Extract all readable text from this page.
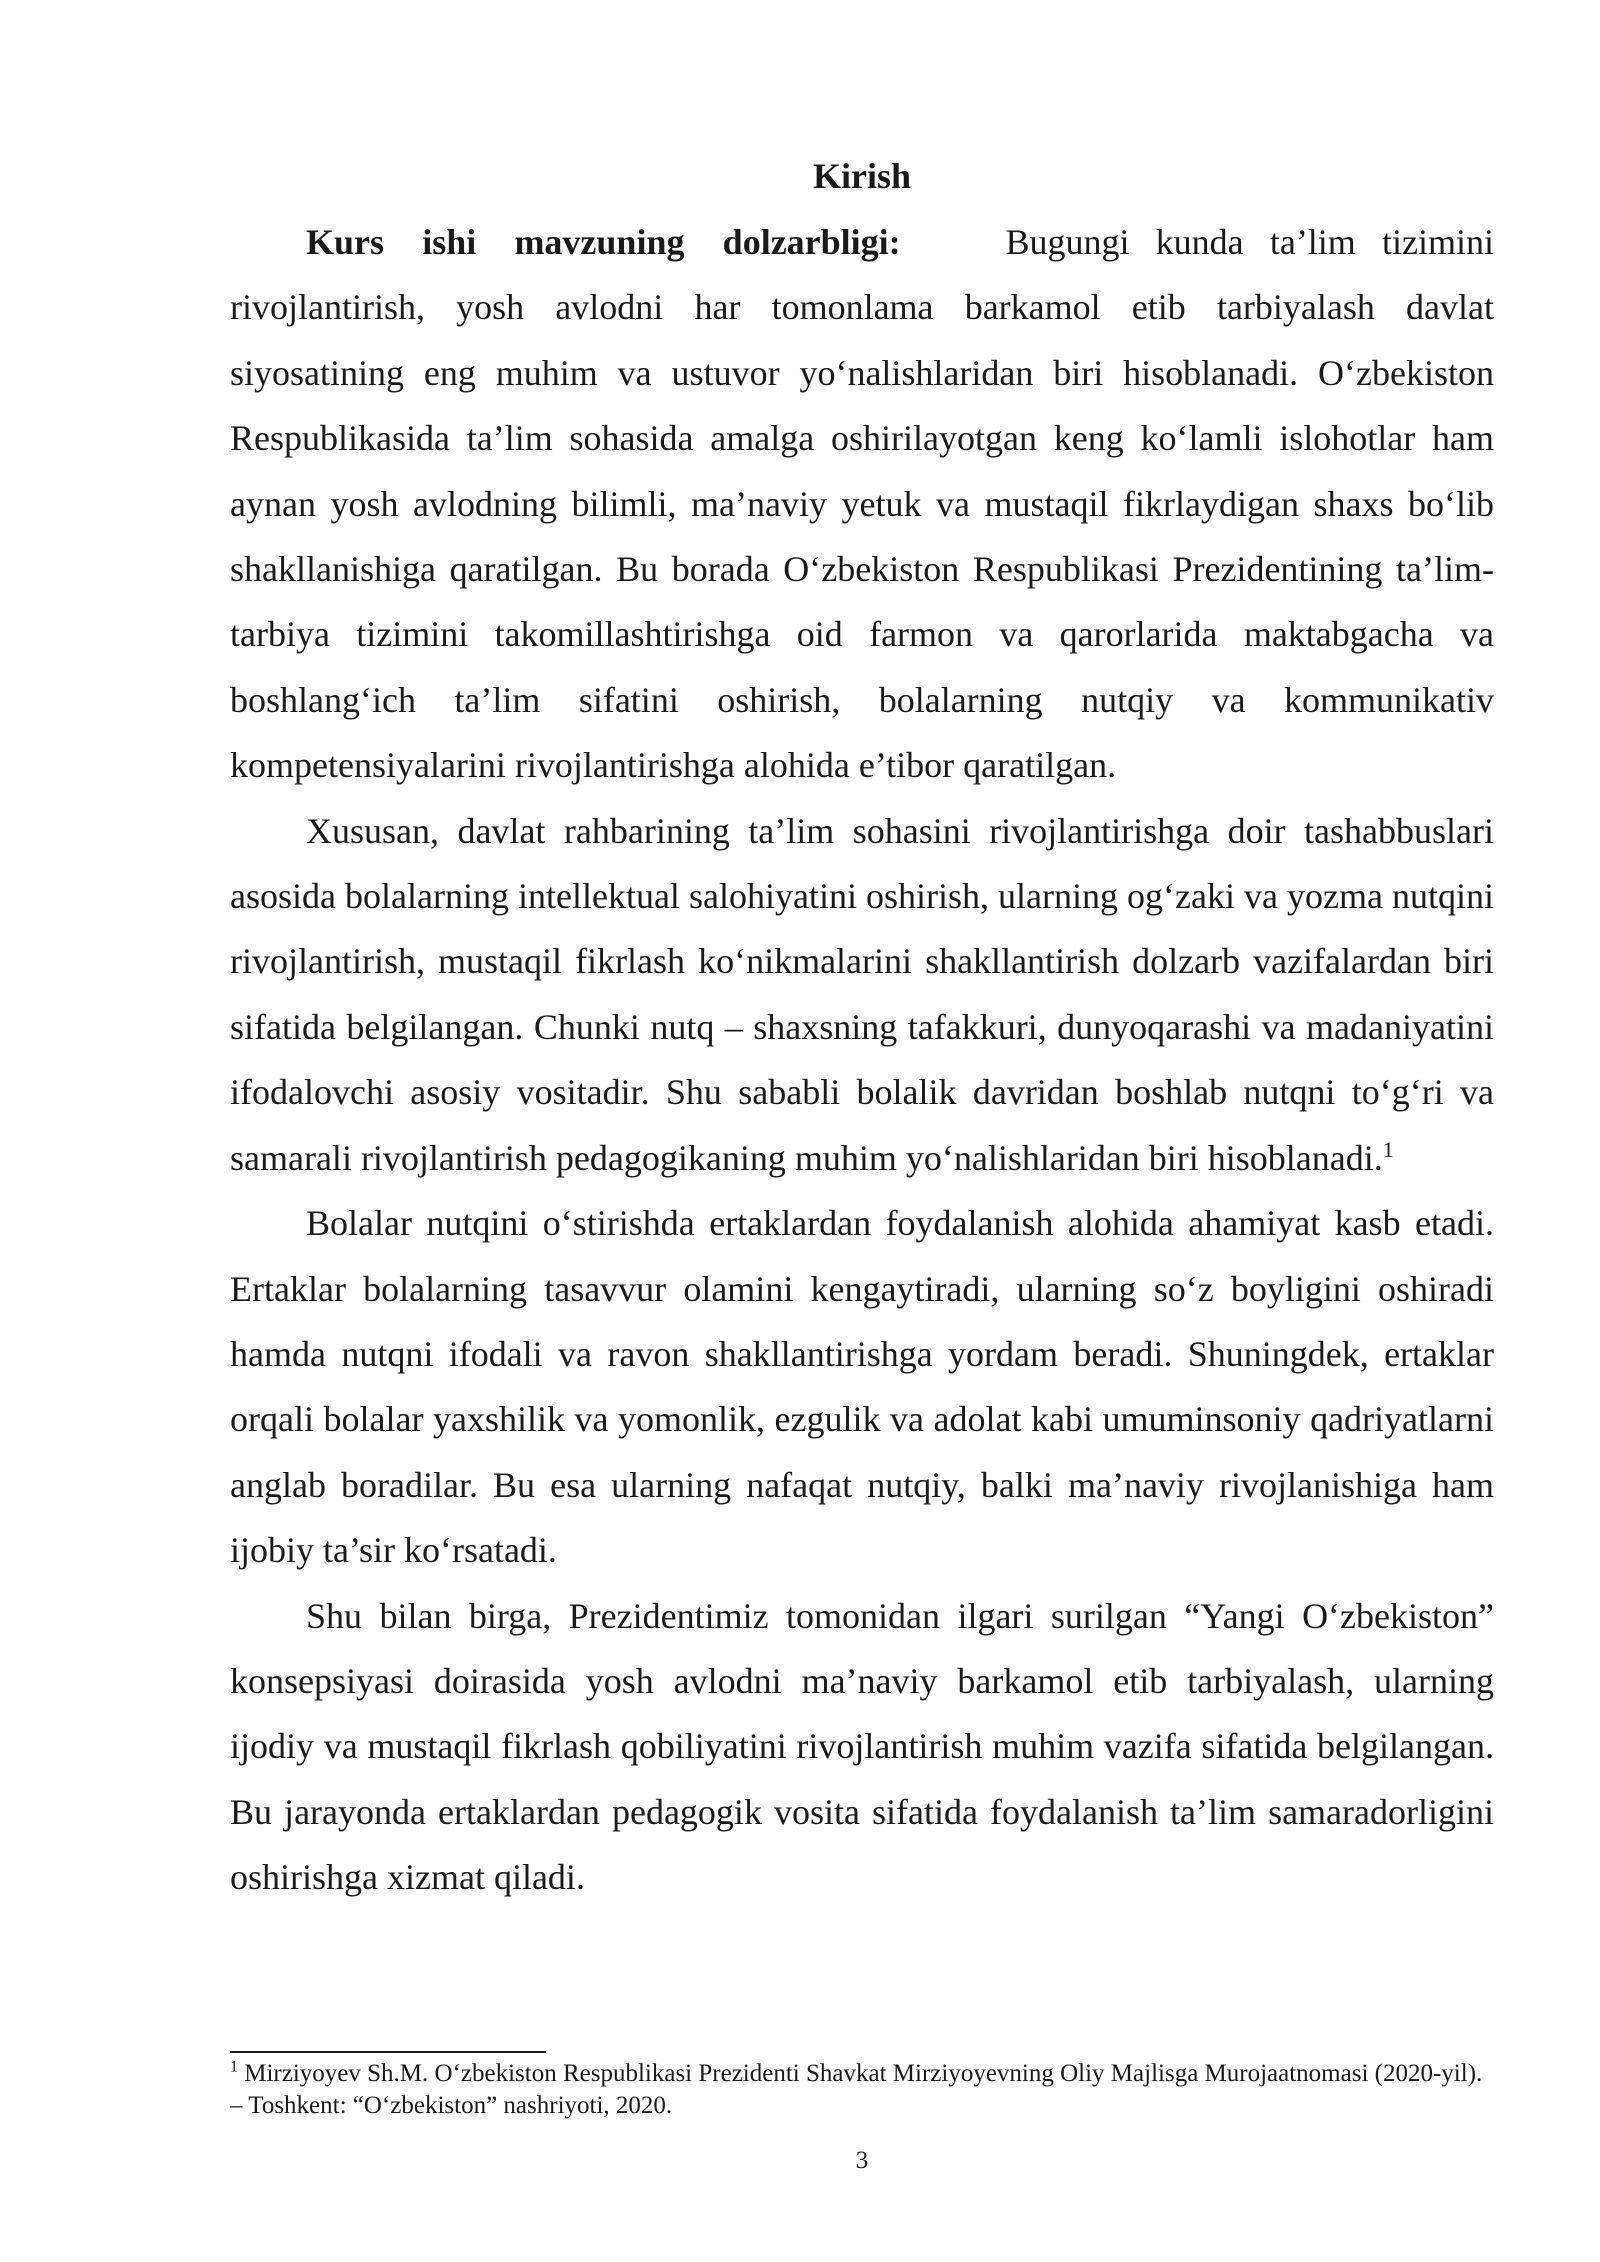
Kirish

Kurs ishi mavzuning dolzarbligi:	Bugungi kunda ta’lim tizimini rivojlantirish, yosh avlodni har tomonlama barkamol etib tarbiyalash davlat siyosatining eng muhim va ustuvor yo‘nalishlaridan biri hisoblanadi. O‘zbekiston Respublikasida ta’lim sohasida amalga oshirilayotgan keng ko‘lamli islohotlar ham aynan yosh avlodning bilimli, ma’naviy yetuk va mustaqil fikrlaydigan shaxs bo‘lib shakllanishiga qaratilgan. Bu borada O‘zbekiston Respublikasi Prezidentining ta’lim-tarbiya tizimini takomillashtirishga oid farmon va qarorlarida maktabgacha va boshlang‘ich ta’lim sifatini oshirish, bolalarning nutqiy va kommunikativ kompetensiyalarini rivojlantirishga alohida e’tibor qaratilgan.

Xususan, davlat rahbarining ta’lim sohasini rivojlantirishga doir tashabbuslari asosida bolalarning intellektual salohiyatini oshirish, ularning og‘zaki va yozma nutqini rivojlantirish, mustaqil fikrlash ko‘nikmalarini shakllantirish dolzarb vazifalardan biri sifatida belgilangan. Chunki nutq – shaxsning tafakkuri, dunyoqarashi va madaniyatini ifodalovchi asosiy vositadir. Shu sababli bolalik davridan boshlab nutqni to‘g‘ri va samarali rivojlantirish pedagogikaning muhim yo‘nalishlaridan biri hisoblanadi.$^1$

Bolalar nutqini o‘stirishda ertaklardan foydalanish alohida ahamiyat kasb etadi. Ertaklar bolalarning tasavvur olamini kengaytiradi, ularning so‘z boyligini oshiradi hamda nutqni ifodali va ravon shakllantirishga yordam beradi. Shuningdek, ertaklar orqali bolalar yaxshilik va yomonlik, ezgulik va adolat kabi umuminsoniy qadriyatlarni anglab boradilar. Bu esa ularning nafaqat nutqiy, balki ma’naviy rivojlanishiga ham ijobiy ta’sir ko‘rsatadi.

Shu bilan birga, Prezidentimiz tomonidan ilgari surilgan “Yangi O‘zbekiston” konsepsiyasi doirasida yosh avlodni ma’naviy barkamol etib tarbiyalash, ularning ijodiy va mustaqil fikrlash qobiliyatini rivojlantirish muhim vazifa sifatida belgilangan. Bu jarayonda ertaklardan pedagogik vosita sifatida foydalanish ta’lim samaradorligini oshirishga xizmat qiladi.

$^1$ Mirziyoyev Sh.M. O‘zbekiston Respublikasi Prezidenti Shavkat Mirziyoyevning Oliy Majlisga Murojaatnomasi (2020-yil). – Toshkent: “O‘zbekiston” nashriyoti, 2020.

3
